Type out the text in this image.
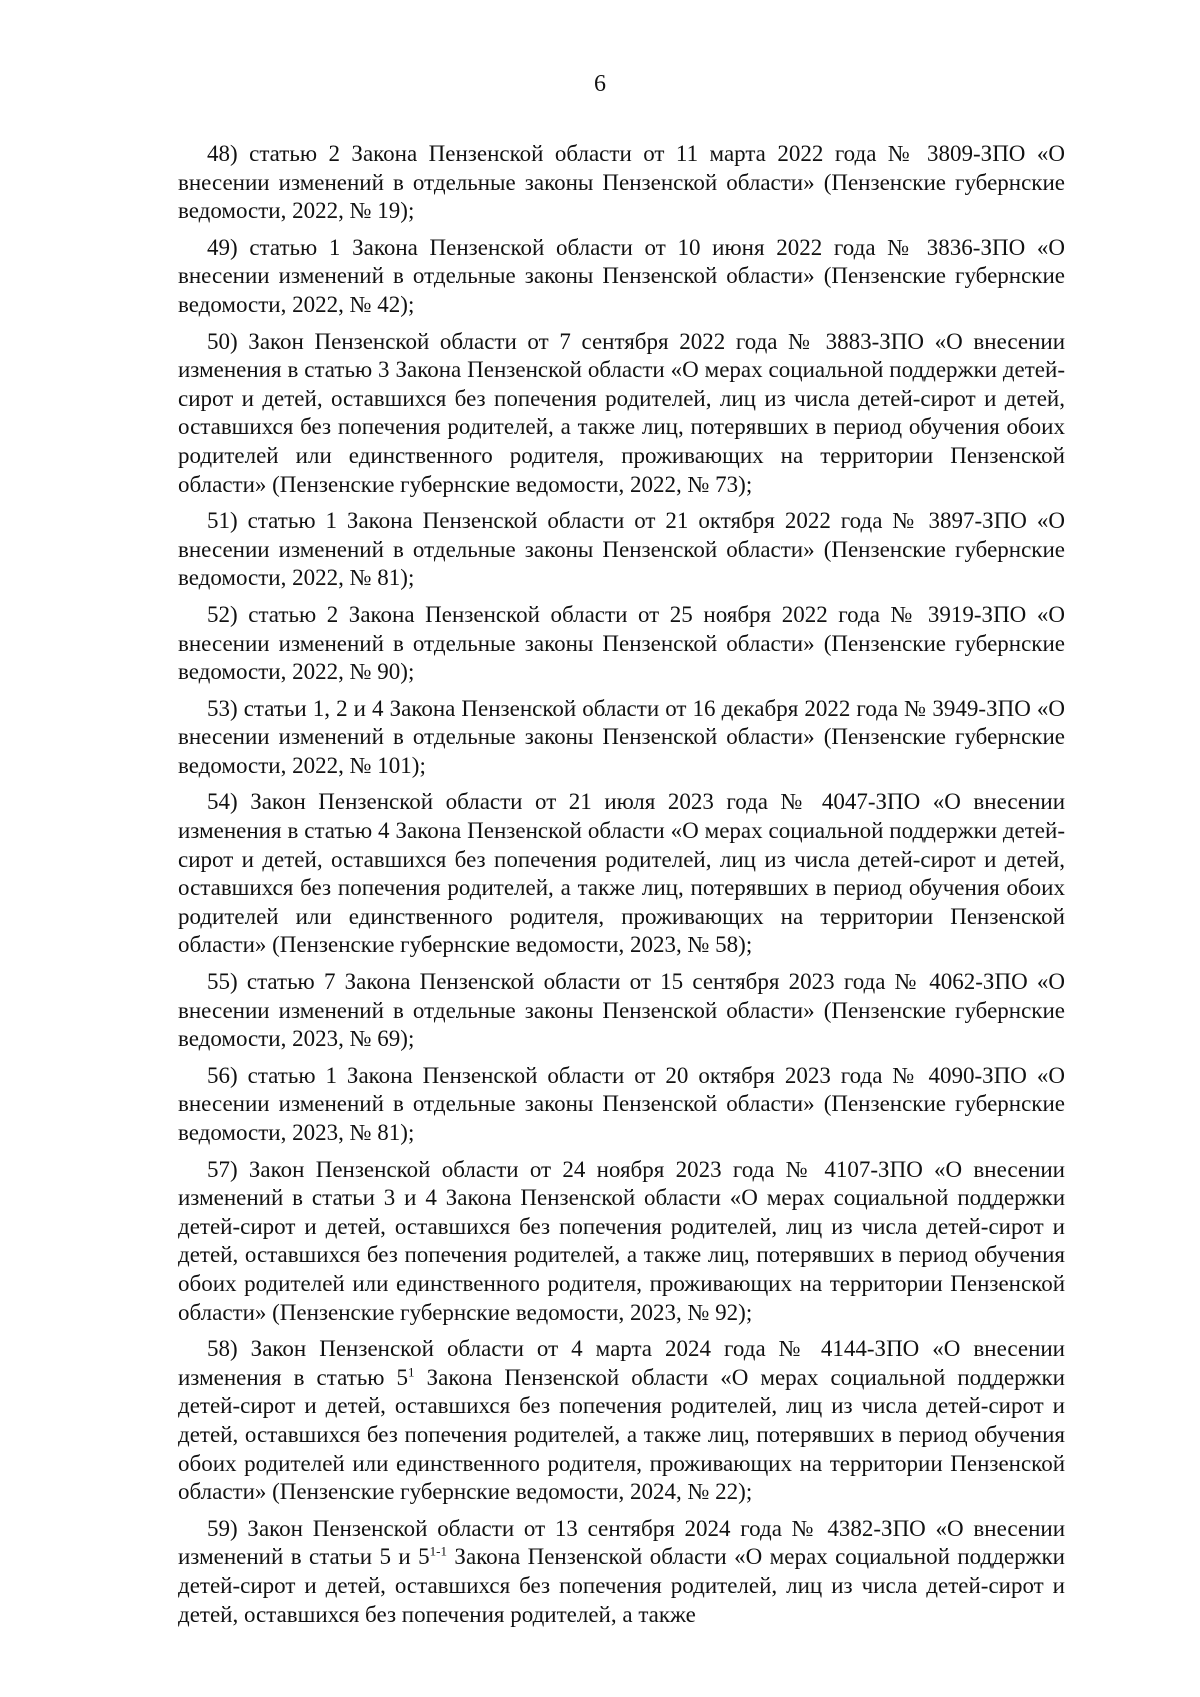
6

48) статью 2 Закона Пензенской области от 11 марта 2022 года № 3809-ЗПО «О внесении изменений в отдельные законы Пензенской области» (Пензенские губернские ведомости, 2022, № 19);

49) статью 1 Закона Пензенской области от 10 июня 2022 года № 3836-ЗПО «О внесении изменений в отдельные законы Пензенской области» (Пензенские губернские ведомости, 2022, № 42);

50) Закон Пензенской области от 7 сентября 2022 года № 3883-ЗПО «О внесении изменения в статью 3 Закона Пензенской области «О мерах социальной поддержки детей-сирот и детей, оставшихся без попечения родителей, лиц из числа детей-сирот и детей, оставшихся без попечения родителей, а также лиц, потерявших в период обучения обоих родителей или единственного родителя, проживающих на территории Пензенской области» (Пензенские губернские ведомости, 2022, № 73);

51) статью 1 Закона Пензенской области от 21 октября 2022 года № 3897-ЗПО «О внесении изменений в отдельные законы Пензенской области» (Пензенские губернские ведомости, 2022, № 81);

52) статью 2 Закона Пензенской области от 25 ноября 2022 года № 3919-ЗПО «О внесении изменений в отдельные законы Пензенской области» (Пензенские губернские ведомости, 2022, № 90);

53) статьи 1, 2 и 4 Закона Пензенской области от 16 декабря 2022 года № 3949-ЗПО «О внесении изменений в отдельные законы Пензенской области» (Пензенские губернские ведомости, 2022, № 101);

54) Закон Пензенской области от 21 июля 2023 года № 4047-ЗПО «О внесении изменения в статью 4 Закона Пензенской области «О мерах социальной поддержки детей-сирот и детей, оставшихся без попечения родителей, лиц из числа детей-сирот и детей, оставшихся без попечения родителей, а также лиц, потерявших в период обучения обоих родителей или единственного родителя, проживающих на территории Пензенской области» (Пензенские губернские ведомости, 2023, № 58);

55) статью 7 Закона Пензенской области от 15 сентября 2023 года № 4062-ЗПО «О внесении изменений в отдельные законы Пензенской области» (Пензенские губернские ведомости, 2023, № 69);

56) статью 1 Закона Пензенской области от 20 октября 2023 года № 4090-ЗПО «О внесении изменений в отдельные законы Пензенской области» (Пензенские губернские ведомости, 2023, № 81);

57) Закон Пензенской области от 24 ноября 2023 года № 4107-ЗПО «О внесении изменений в статьи 3 и 4 Закона Пензенской области «О мерах социальной поддержки детей-сирот и детей, оставшихся без попечения родителей, лиц из числа детей-сирот и детей, оставшихся без попечения родителей, а также лиц, потерявших в период обучения обоих родителей или единственного родителя, проживающих на территории Пензенской области» (Пензенские губернские ведомости, 2023, № 92);

58) Закон Пензенской области от 4 марта 2024 года № 4144-ЗПО «О внесении изменения в статью $5^1$ Закона Пензенской области «О мерах социальной поддержки детей-сирот и детей, оставшихся без попечения родителей, лиц из числа детей-сирот и детей, оставшихся без попечения родителей, а также лиц, потерявших в период обучения обоих родителей или единственного родителя, проживающих на территории Пензенской области» (Пензенские губернские ведомости, 2024, № 22);

59) Закон Пензенской области от 13 сентября 2024 года № 4382-ЗПО «О внесении изменений в статьи 5 и 5$^{1-1}$ Закона Пензенской области «О мерах социальной поддержки детей-сирот и детей, оставшихся без попечения родителей, лиц из числа детей-сирот и детей, оставшихся без попечения родителей, а также
